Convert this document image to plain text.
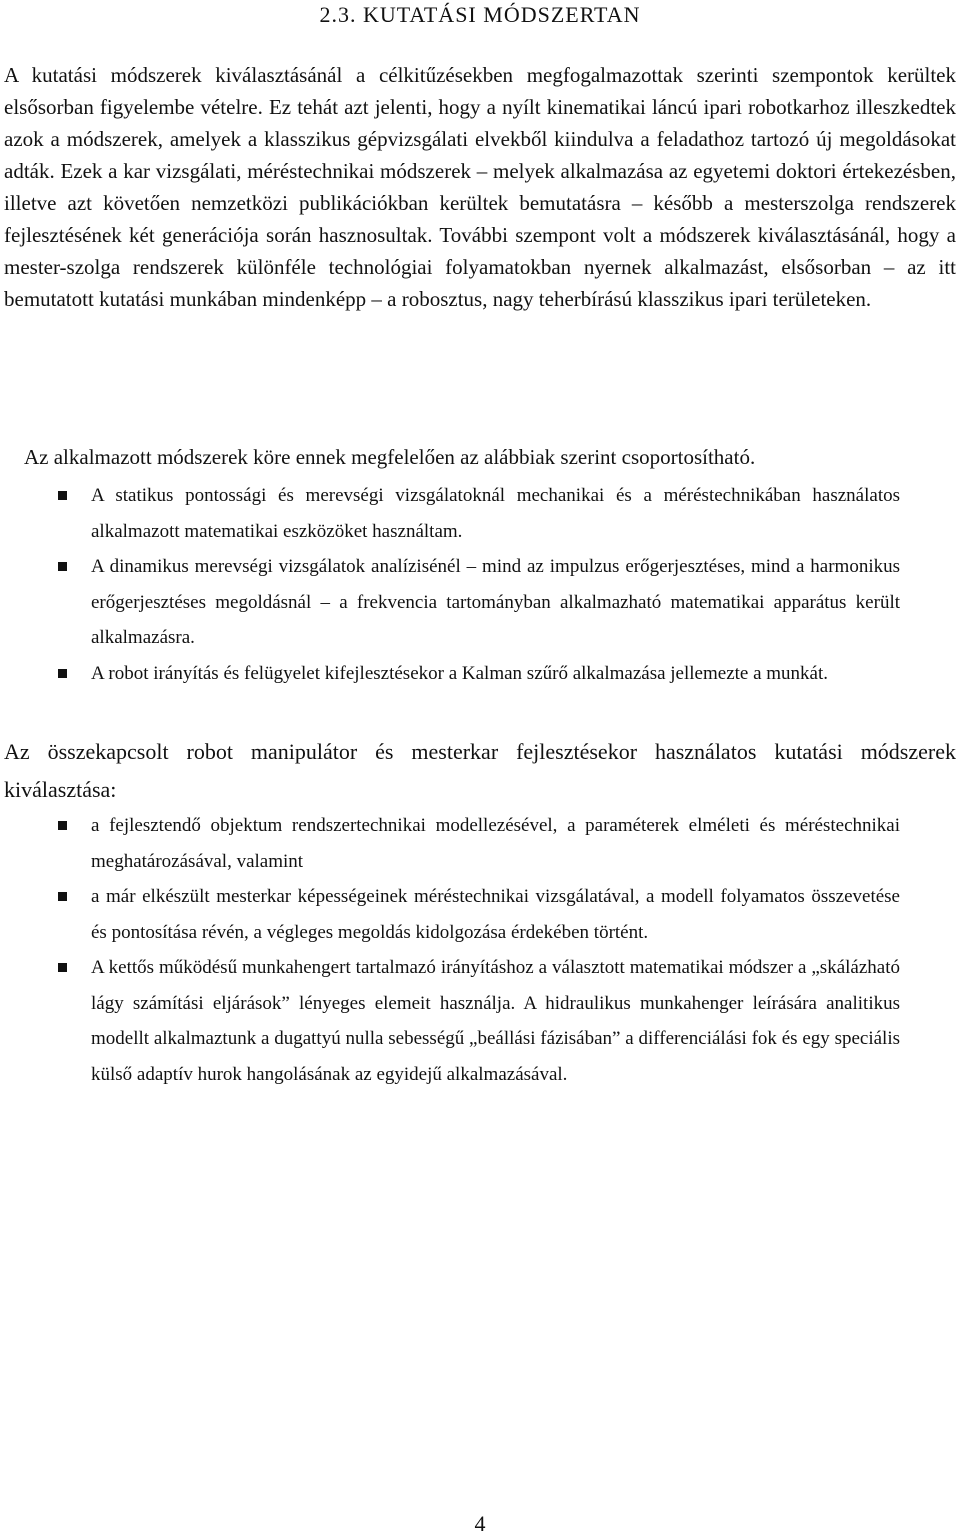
2.3. KUTATÁSI MÓDSZERTAN

A kutatási módszerek kiválasztásánál a célkitűzésekben megfogalmazottak szerinti szempontok kerültek elsősorban figyelembe vételre. Ez tehát azt jelenti, hogy a nyílt kinematikai láncú ipari robotkarhoz illeszkedtek azok a módszerek, amelyek a klasszikus gépvizsgálati elvekből kiindulva a feladathoz tartozó új megoldásokat adták. Ezek a kar vizsgálati, méréstechnikai módszerek – melyek alkalmazása az egyetemi doktori értekezésben, illetve azt követően nemzetközi publikációkban kerültek bemutatásra – később a mesterszolga rendszerek fejlesztésének két generációja során hasznosultak. További szempont volt a módszerek kiválasztásánál, hogy a mester-szolga rendszerek különféle technológiai folyamatokban nyernek alkalmazást, elsősorban – az itt bemutatott kutatási munkában mindenképp – a robosztus, nagy teherbírású klasszikus ipari területeken.

Az alkalmazott módszerek köre ennek megfelelően az alábbiak szerint csoportosítható.

A statikus pontossági és merevségi vizsgálatoknál mechanikai és a méréstechnikában használatos alkalmazott matematikai eszközöket használtam.
A dinamikus merevségi vizsgálatok analízisénél – mind az impulzus erőgerjesztéses, mind a harmonikus erőgerjesztéses megoldásnál – a frekvencia tartományban alkalmazható matematikai apparátus került alkalmazásra.
A robot irányítás és felügyelet kifejlesztésekor a Kalman szűrő alkalmazása jellemezte a munkát.

Az összekapcsolt robot manipulátor és mesterkar fejlesztésekor használatos kutatási módszerek kiválasztása:

a fejlesztendő objektum rendszertechnikai modellezésével, a paraméterek elméleti és méréstechnikai meghatározásával, valamint
a már elkészült mesterkar képességeinek méréstechnikai vizsgálatával, a modell folyamatos összevetése és pontosítása révén, a végleges megoldás kidolgozása érdekében történt.
A kettős működésű munkahengert tartalmazó irányításhoz a választott matematikai módszer a „skálázható lágy számítási eljárások” lényeges elemeit használja. A hidraulikus munkahenger leírására analitikus modellt alkalmaztunk a dugattyú nulla sebességű „beállási fázisában” a differenciálási fok és egy speciális külső adaptív hurok hangolásának az egyidejű alkalmazásával.
4
